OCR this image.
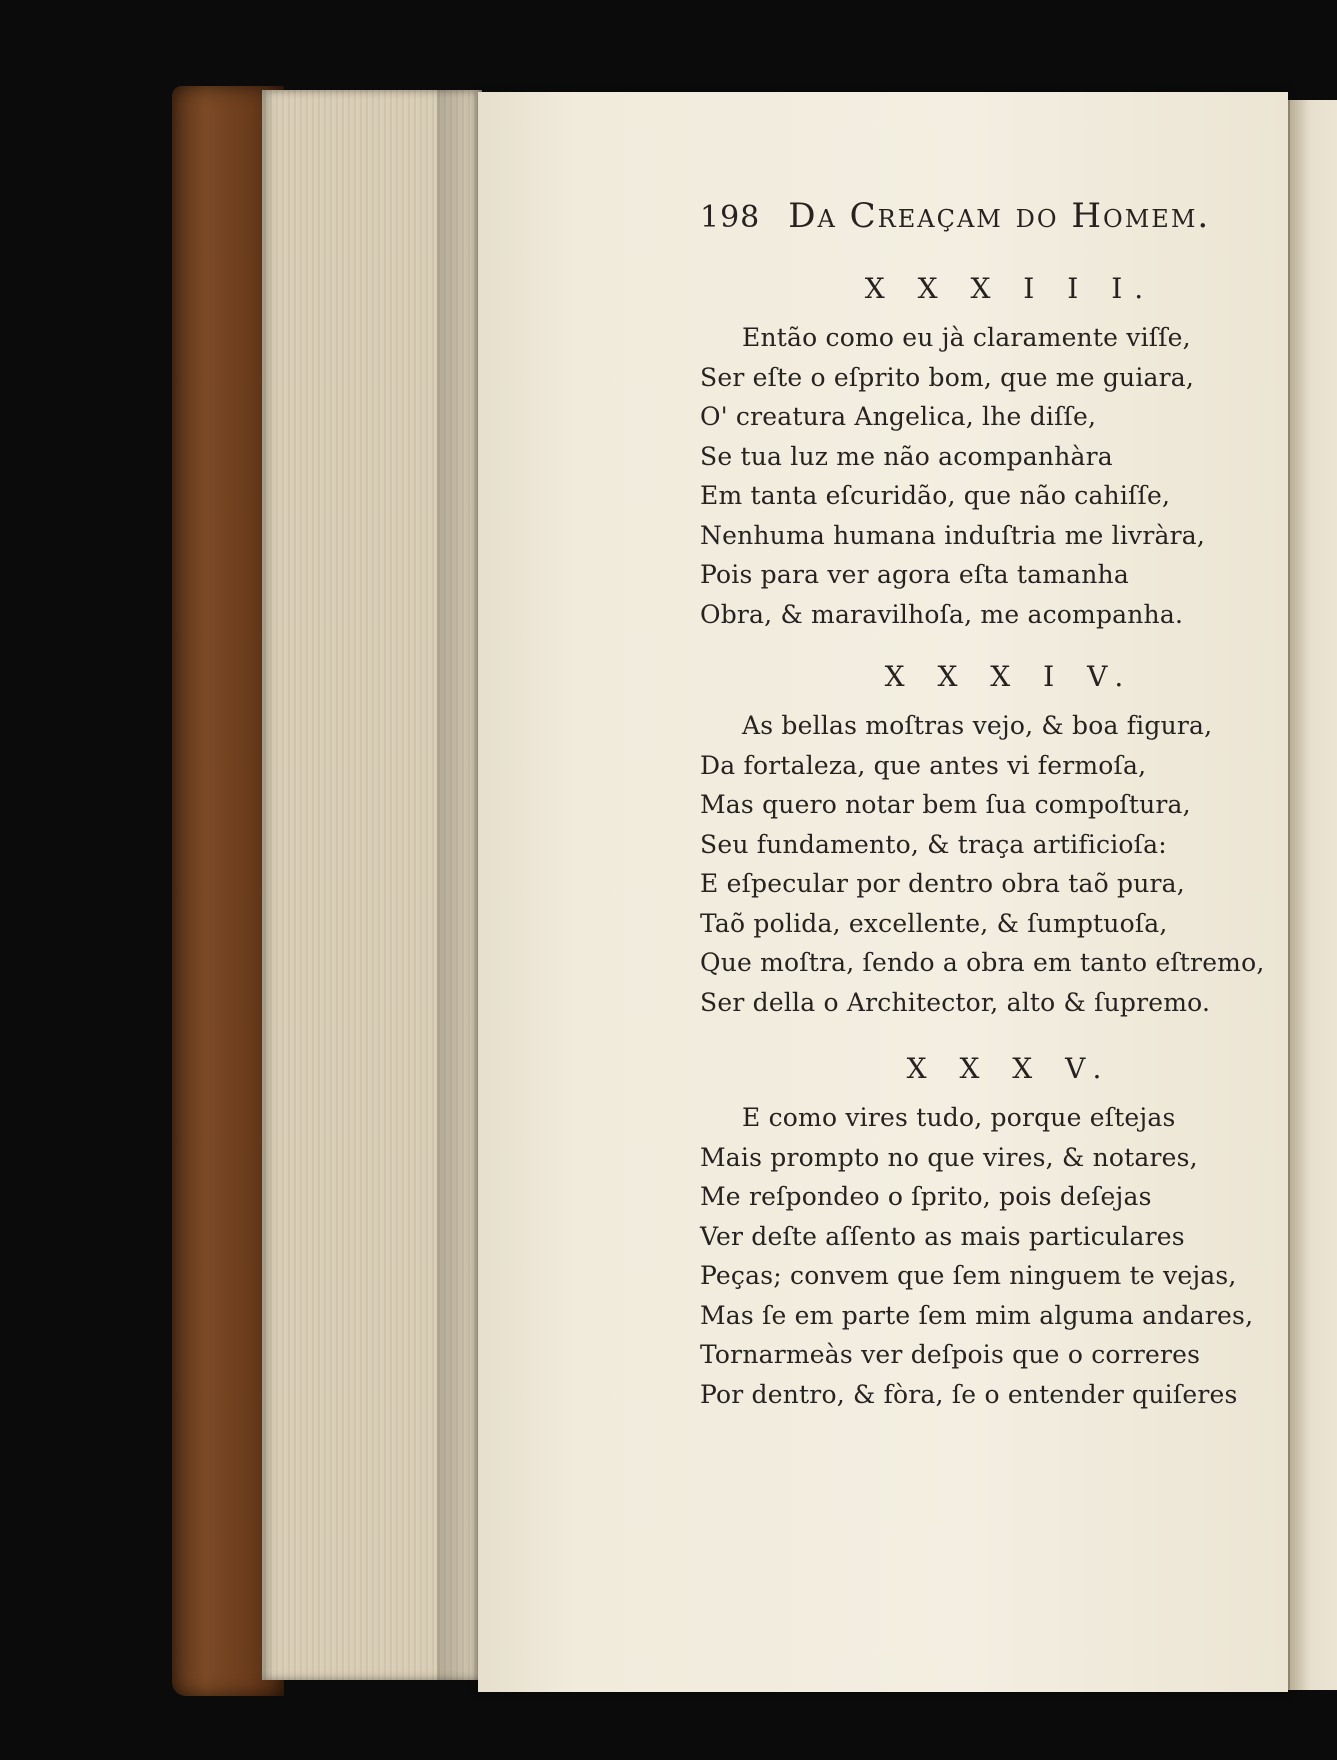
198 Da Creaçam do Homem.
X X X I I I.
Então como eu jà claramente viſſe,
Ser eſte o eſprito bom, que me guiara,
O' creatura Angelica, lhe diſſe,
Se tua luz me não acompanhàra
Em tanta eſcuridão, que não cahiſſe,
Nenhuma humana induſtria me livràra,
Pois para ver agora eſta tamanha
Obra, & maravilhoſa, me acompanha.
X X X I V.
As bellas moſtras vejo, & boa figura,
Da fortaleza, que antes vi fermoſa,
Mas quero notar bem ſua compoſtura,
Seu fundamento, & traça artificioſa:
E eſpecular por dentro obra taõ pura,
Taõ polida, excellente, & ſumptuoſa,
Que moſtra, ſendo a obra em tanto eſtremo,
Ser della o Architector, alto & ſupremo.
X X X V.
E como vires tudo, porque eſtejas
Mais prompto no que vires, & notares,
Me reſpondeo o ſprito, pois deſejas
Ver deſte aſſento as mais particulares
Peças; convem que ſem ninguem te vejas,
Mas ſe em parte ſem mim alguma andares,
Tornarmeàs ver deſpois que o correres
Por dentro, & fòra, ſe o entender quiſeres
